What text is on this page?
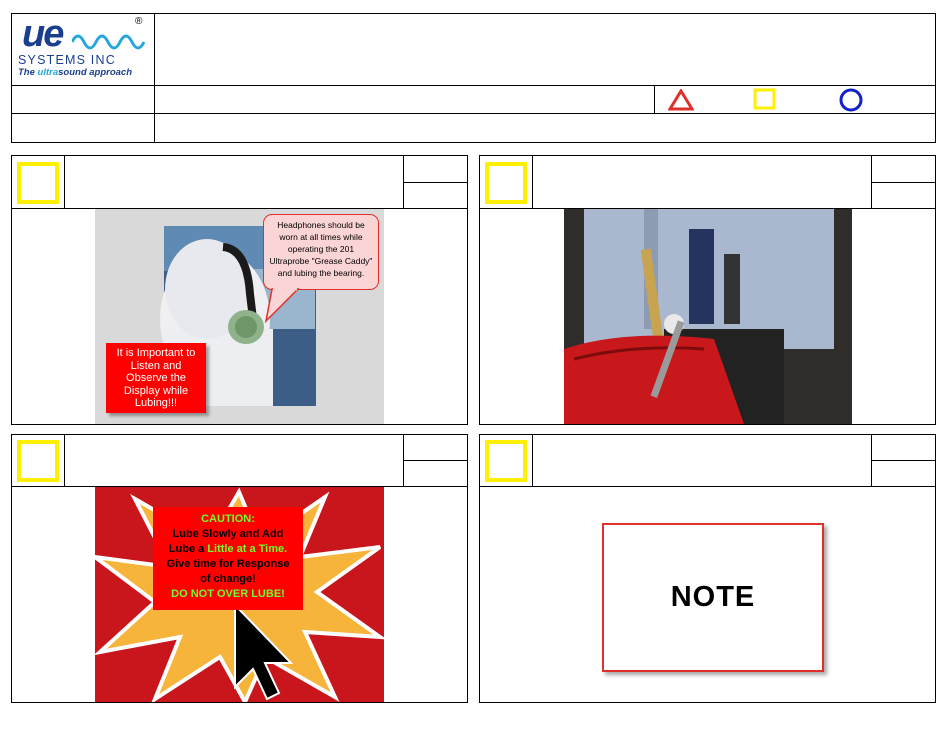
ue	®
SYSTEMS INC
The ultrasound approach
Headphones should be worn at all times while operating the 201 Ultraprobe "Grease Caddy" and lubing the bearing.
It is Important to Listen and Observe the Display while Lubing!!!
CAUTION:
Lube Slowly and Add
Lube a Little at a Time.
Give time for Response
of change!
DO NOT OVER LUBE!	NOTE
